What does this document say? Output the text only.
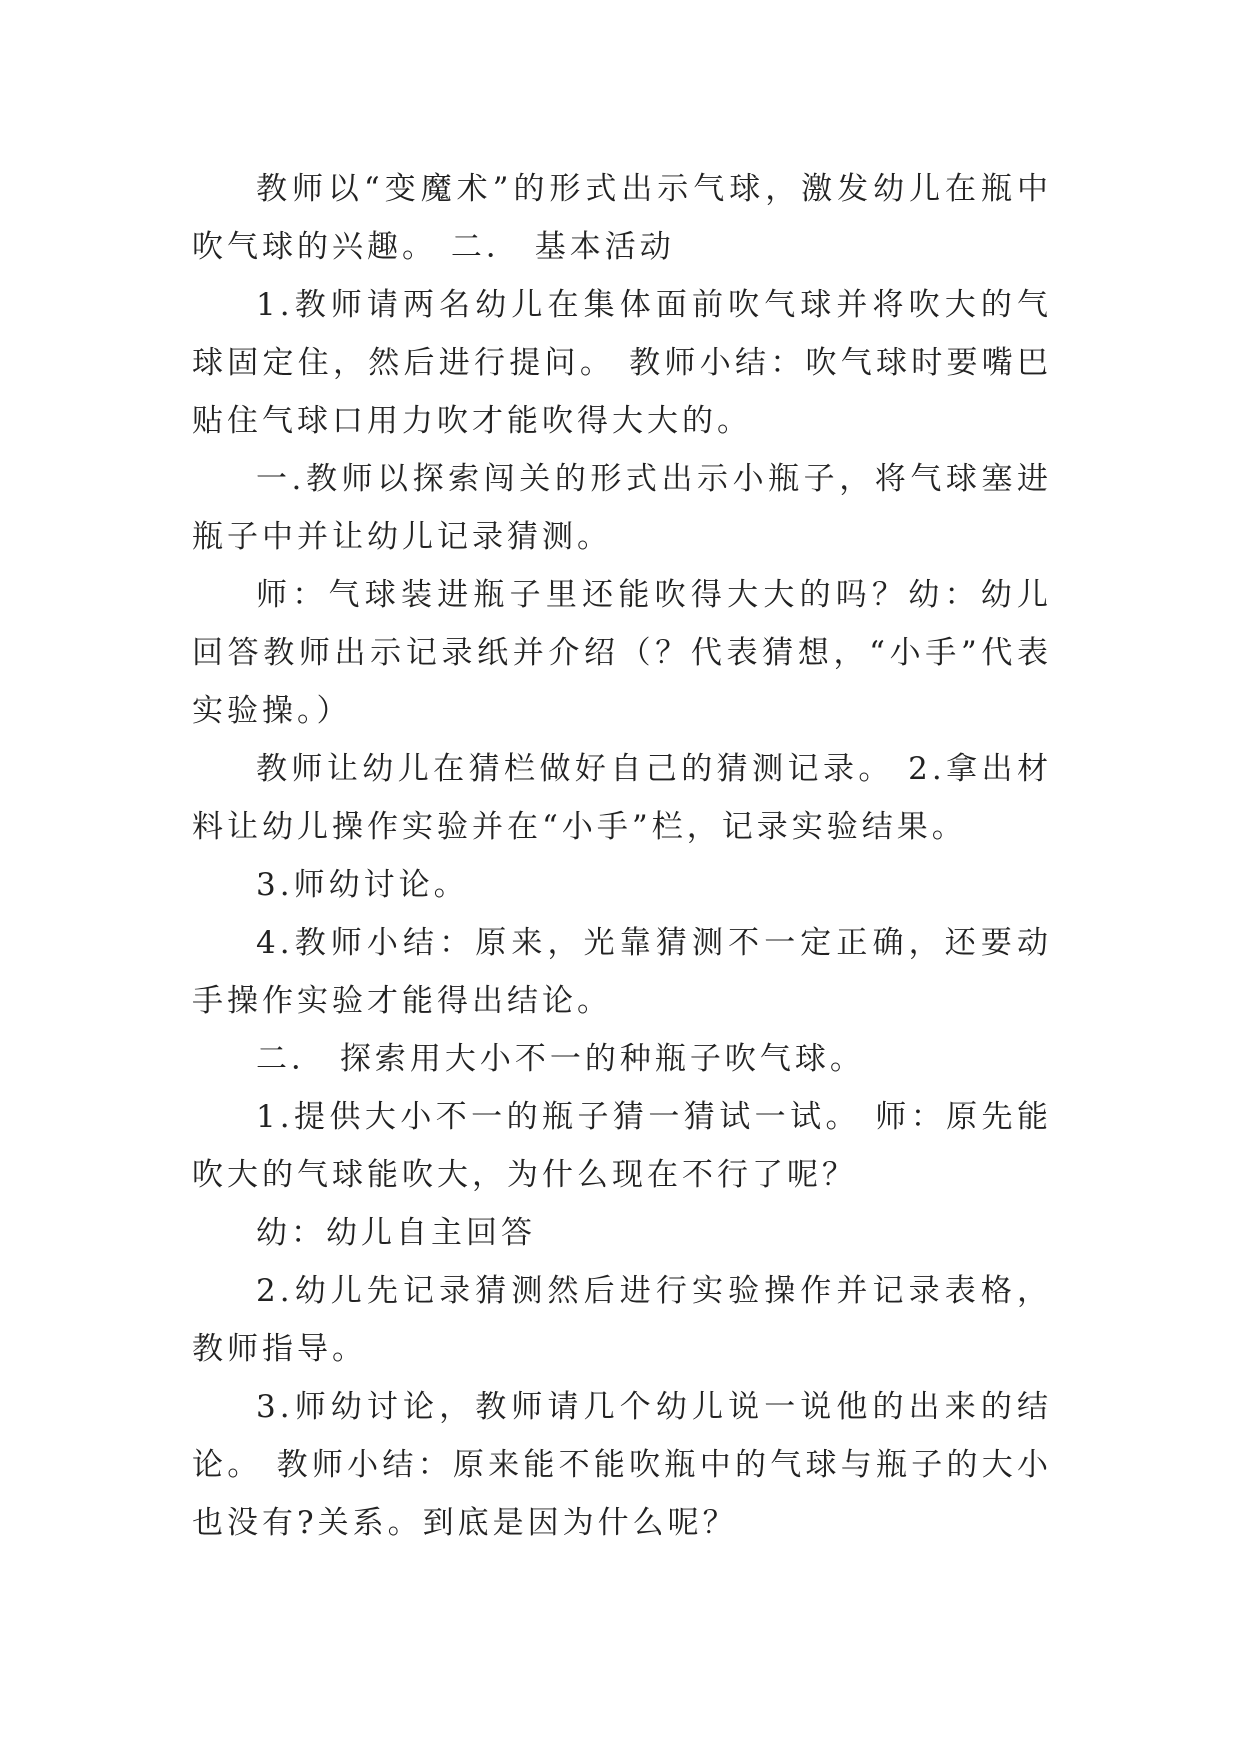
教师以“变魔术”的形式出示气球，激发幼儿在瓶中吹气球的兴趣。 二． 基本活动

1.教师请两名幼儿在集体面前吹气球并将吹大的气球固定住，然后进行提问。 教师小结：吹气球时要嘴巴贴住气球口用力吹才能吹得大大的。

一.教师以探索闯关的形式出示小瓶子，将气球塞进瓶子中并让幼儿记录猜测。

师：气球装进瓶子里还能吹得大大的吗？幼：幼儿回答教师出示记录纸并介绍（？代表猜想，“小手”代表实验操。）

教师让幼儿在猜栏做好自己的猜测记录。 2.拿出材料让幼儿操作实验并在“小手”栏，记录实验结果。

3.师幼讨论。

4.教师小结：原来，光靠猜测不一定正确，还要动手操作实验才能得出结论。

二． 探索用大小不一的种瓶子吹气球。

1.提供大小不一的瓶子猜一猜试一试。 师：原先能吹大的气球能吹大，为什么现在不行了呢？

幼：幼儿自主回答

2.幼儿先记录猜测然后进行实验操作并记录表格，教师指导。

3.师幼讨论，教师请几个幼儿说一说他的出来的结论。 教师小结：原来能不能吹瓶中的气球与瓶子的大小也没有?关系。到底是因为什么呢？
